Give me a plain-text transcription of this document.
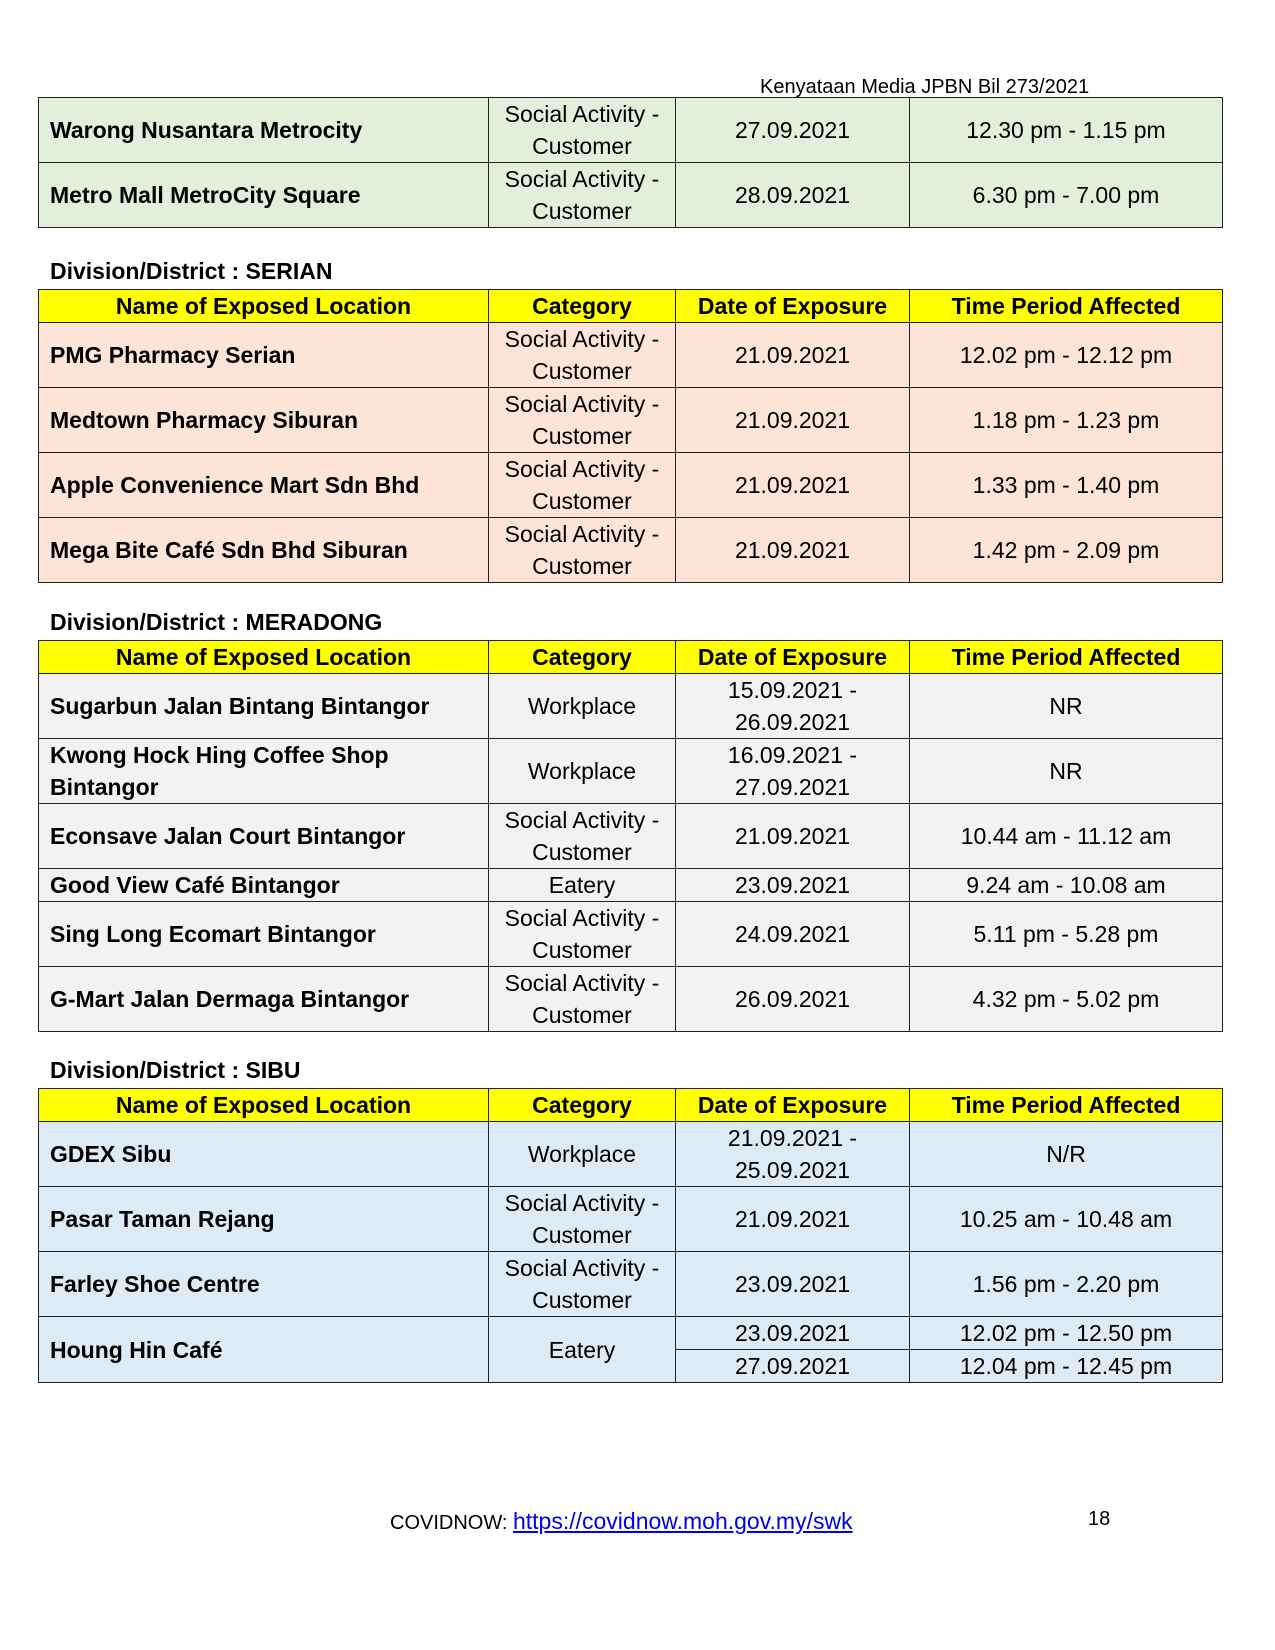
Kenyataan Media JPBN Bil 273/2021
Warong Nusantara Metrocity	Social Activity - Customer	27.09.2021	12.30 pm - 1.15 pm
Metro Mall MetroCity Square	Social Activity - Customer	28.09.2021	6.30 pm - 7.00 pm
Division/District : SERIAN
Name of Exposed Location	Category	Date of Exposure	Time Period Affected
PMG Pharmacy Serian	Social Activity - Customer	21.09.2021	12.02 pm - 12.12 pm
Medtown Pharmacy Siburan	Social Activity - Customer	21.09.2021	1.18 pm - 1.23 pm
Apple Convenience Mart Sdn Bhd	Social Activity - Customer	21.09.2021	1.33 pm - 1.40 pm
Mega Bite Café Sdn Bhd Siburan	Social Activity - Customer	21.09.2021	1.42 pm - 2.09 pm
Division/District : MERADONG
Name of Exposed Location	Category	Date of Exposure	Time Period Affected
Sugarbun Jalan Bintang Bintangor	Workplace	15.09.2021 - 26.09.2021	NR
Kwong Hock Hing Coffee Shop Bintangor	Workplace	16.09.2021 - 27.09.2021	NR
Econsave Jalan Court Bintangor	Social Activity - Customer	21.09.2021	10.44 am - 11.12 am
Good View Café Bintangor	Eatery	23.09.2021	9.24 am - 10.08 am
Sing Long Ecomart Bintangor	Social Activity - Customer	24.09.2021	5.11 pm - 5.28 pm
G-Mart Jalan Dermaga Bintangor	Social Activity - Customer	26.09.2021	4.32 pm - 5.02 pm
Division/District : SIBU
Name of Exposed Location	Category	Date of Exposure	Time Period Affected
GDEX Sibu	Workplace	21.09.2021 - 25.09.2021	N/R
Pasar Taman Rejang	Social Activity - Customer	21.09.2021	10.25 am - 10.48 am
Farley Shoe Centre	Social Activity - Customer	23.09.2021	1.56 pm - 2.20 pm
Houng Hin Café	Eatery	23.09.2021	12.02 pm - 12.50 pm
		27.09.2021	12.04 pm - 12.45 pm
COVIDNOW: https://covidnow.moh.gov.my/swk	18
